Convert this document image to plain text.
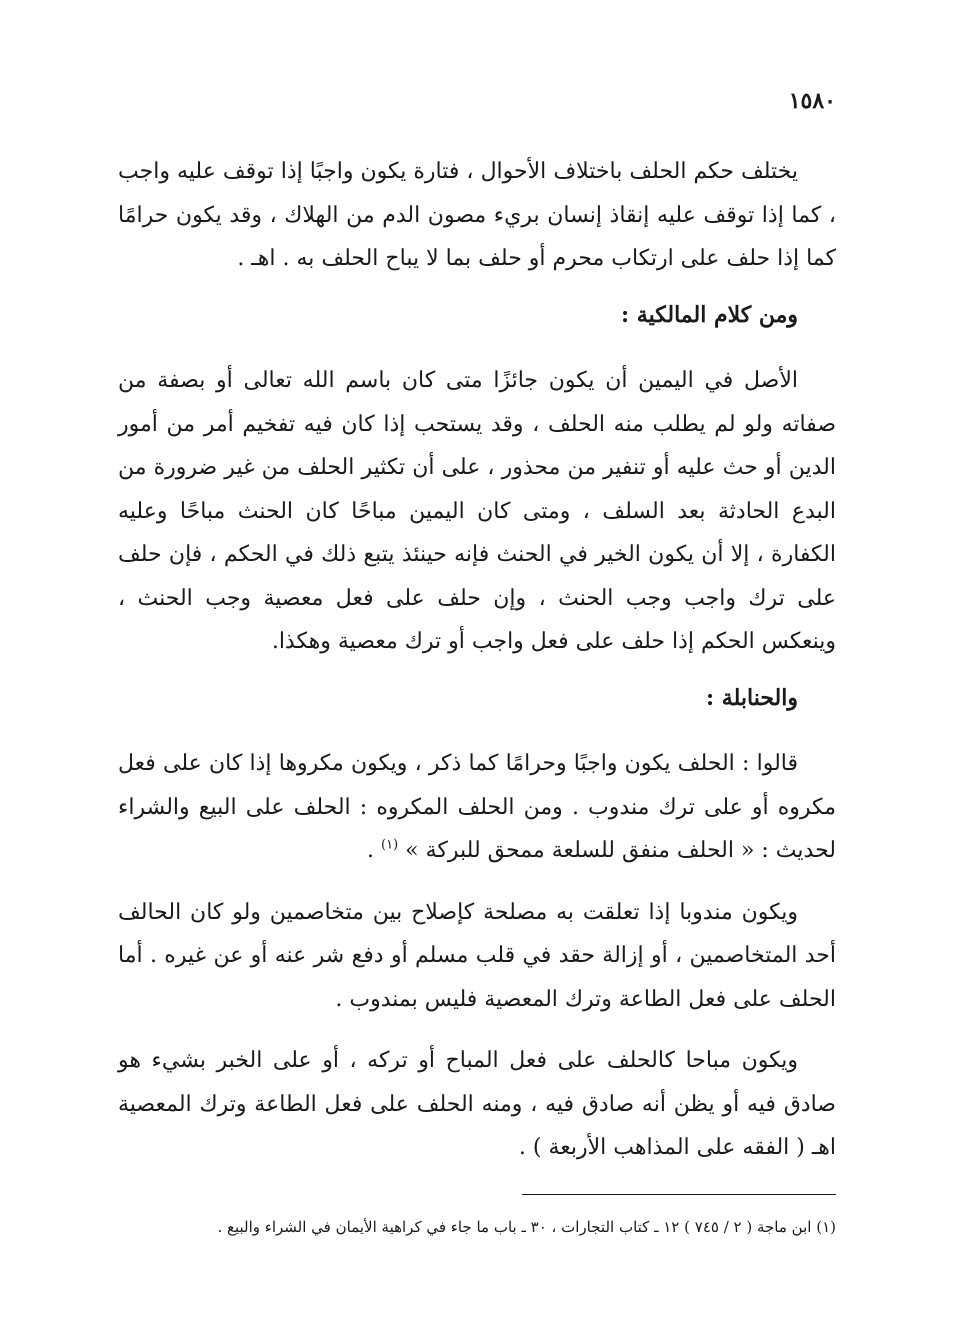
١٥٨٠

يختلف حكم الحلف باختلاف الأحوال ، فتارة يكون واجبًا إذا توقف عليه واجب ، كما إذا توقف عليه إنقاذ إنسان بريء مصون الدم من الهلاك ، وقد يكون حرامًا كما إذا حلف على ارتكاب محرم أو حلف بما لا يباح الحلف به . اهـ .

ومن كلام المالكية :

الأصل في اليمين أن يكون جائزًا متى كان باسم الله تعالى أو بصفة من صفاته ولو لم يطلب منه الحلف ، وقد يستحب إذا كان فيه تفخيم أمر من أمور الدين أو حث عليه أو تنفير من محذور ، على أن تكثير الحلف من غير ضرورة من البدع الحادثة بعد السلف ، ومتى كان اليمين مباحًا كان الحنث مباحًا وعليه الكفارة ، إلا أن يكون الخير في الحنث فإنه حينئذ يتبع ذلك في الحكم ، فإن حلف على ترك واجب وجب الحنث ، وإن حلف على فعل معصية وجب الحنث ، وينعكس الحكم إذا حلف على فعل واجب أو ترك معصية وهكذا.

والحنابلة :

قالوا : الحلف يكون واجبًا وحرامًا كما ذكر ، ويكون مكروها إذا كان على فعل مكروه أو على ترك مندوب . ومن الحلف المكروه : الحلف على البيع والشراء لحديث : « الحلف منفق للسلعة ممحق للبركة » $^{(١)}$ .

ويكون مندوبا إذا تعلقت به مصلحة كإصلاح بين متخاصمين ولو كان الحالف أحد المتخاصمين ، أو إزالة حقد في قلب مسلم أو دفع شر عنه أو عن غيره . أما الحلف على فعل الطاعة وترك المعصية فليس بمندوب .

ويكون مباحا كالحلف على فعل المباح أو تركه ، أو على الخبر بشيء هو صادق فيه أو يظن أنه صادق فيه ، ومنه الحلف على فعل الطاعة وترك المعصية اهـ ( الفقه على المذاهب الأربعة ) .

(١) ابن ماجة ( ٢ / ٧٤٥ ) ١٢ ـ كتاب التجارات ، ٣٠ ـ باب ما جاء في كراهية الأيمان في الشراء والبيع .
